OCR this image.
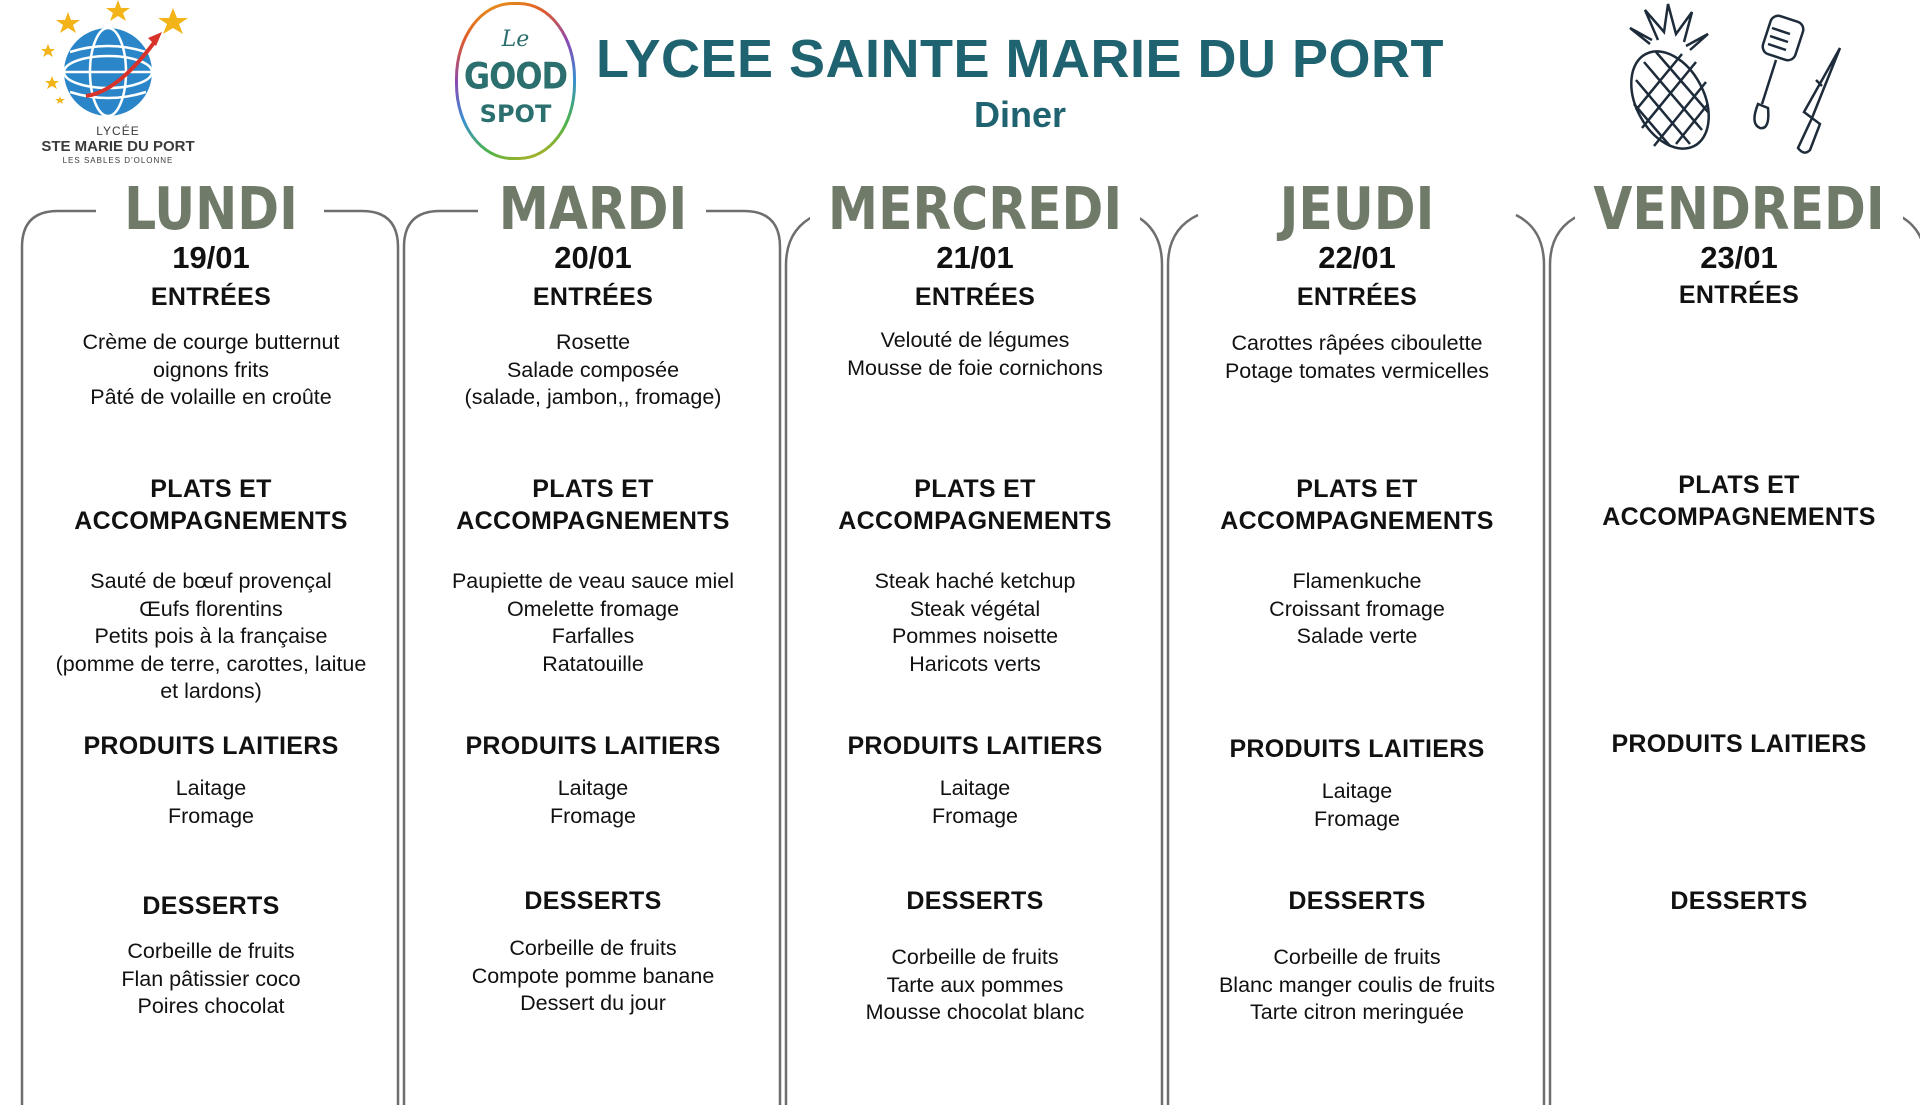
LYCÉE
STE MARIE DU PORT
LES SABLES D'OLONNE
Le
GOOD
SPOT
LYCEE SAINTE MARIE DU PORT
Diner
LUNDI
19/01
ENTRÉES
Crème de courge butternut
oignons frits
Pâté de volaille en croûte
PLATS ET
ACCOMPAGNEMENTS
Sauté de bœuf provençal
Œufs florentins
Petits pois à la française
(pomme de terre, carottes, laitue
et lardons)
PRODUITS LAITIERS
Laitage
Fromage
DESSERTS
Corbeille de fruits
Flan pâtissier coco
Poires chocolat
MARDI
20/01
ENTRÉES
Rosette
Salade composée
(salade, jambon,, fromage)
PLATS ET
ACCOMPAGNEMENTS
Paupiette de veau sauce miel
Omelette fromage
Farfalles
Ratatouille
PRODUITS LAITIERS
Laitage
Fromage
DESSERTS
Corbeille de fruits
Compote pomme banane
Dessert du jour
MERCREDI
21/01
ENTRÉES
Velouté de légumes
Mousse de foie cornichons
PLATS ET
ACCOMPAGNEMENTS
Steak haché ketchup
Steak végétal
Pommes noisette
Haricots verts
PRODUITS LAITIERS
Laitage
Fromage
DESSERTS
Corbeille de fruits
Tarte aux pommes
Mousse chocolat blanc
JEUDI
22/01
ENTRÉES
Carottes râpées ciboulette
Potage tomates vermicelles
PLATS ET
ACCOMPAGNEMENTS
Flamenkuche
Croissant fromage
Salade verte
PRODUITS LAITIERS
Laitage
Fromage
DESSERTS
Corbeille de fruits
Blanc manger coulis de fruits
Tarte citron meringuée
VENDREDI
23/01
ENTRÉES
PLATS ET
ACCOMPAGNEMENTS
PRODUITS LAITIERS
DESSERTS
